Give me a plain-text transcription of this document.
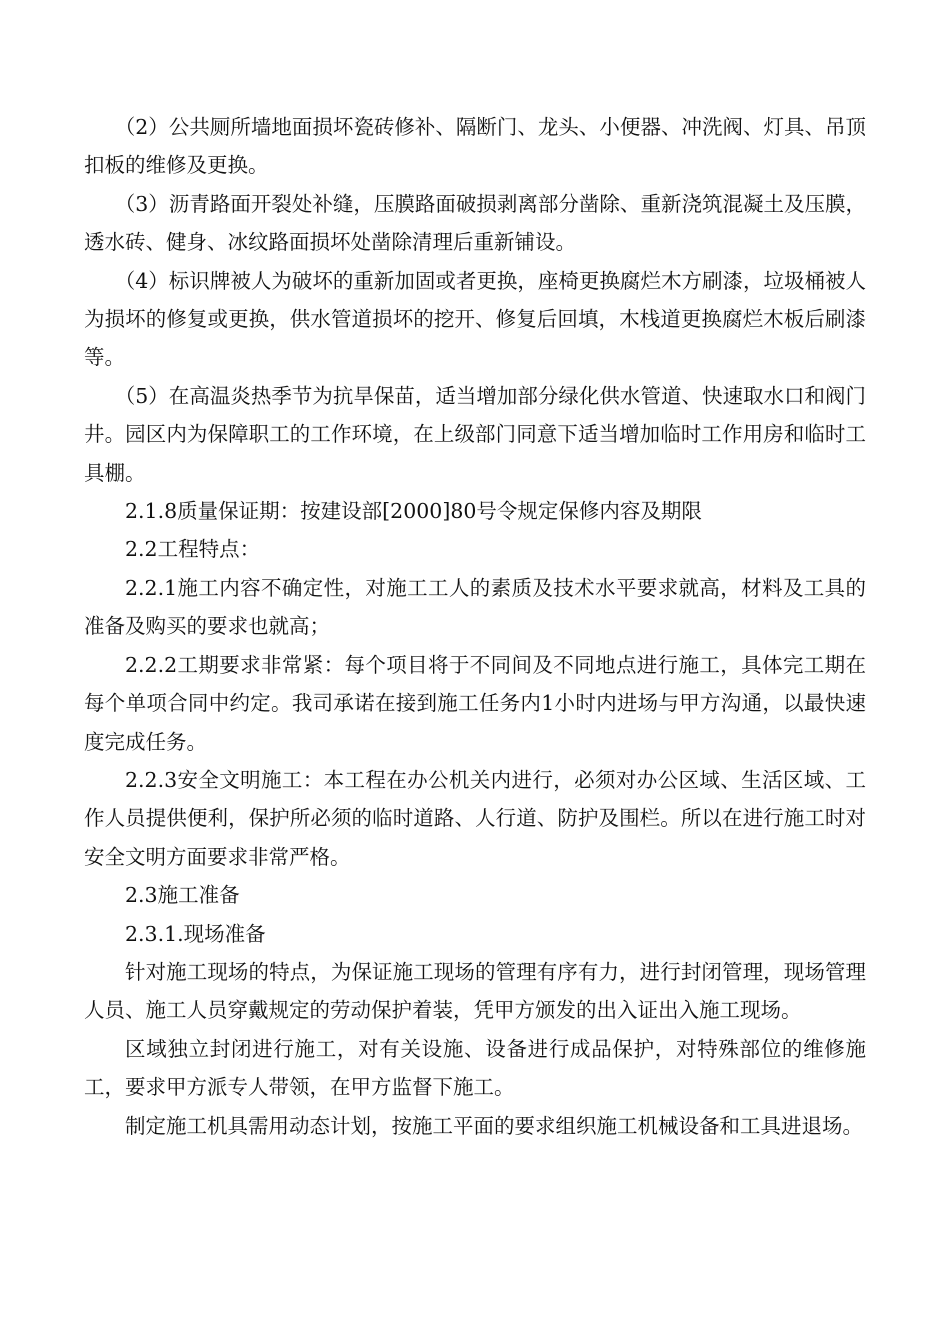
（2）公共厕所墙地面损坏瓷砖修补、隔断门、龙头、小便器、冲洗阀、灯具、吊顶扣板的维修及更换。

（3）沥青路面开裂处补缝，压膜路面破损剥离部分凿除、重新浇筑混凝土及压膜，透水砖、健身、冰纹路面损坏处凿除清理后重新铺设。

（4）标识牌被人为破坏的重新加固或者更换，座椅更换腐烂木方刷漆，垃圾桶被人为损坏的修复或更换，供水管道损坏的挖开、修复后回填，木栈道更换腐烂木板后刷漆等。

（5）在高温炎热季节为抗旱保苗，适当增加部分绿化供水管道、快速取水口和阀门井。园区内为保障职工的工作环境，在上级部门同意下适当增加临时工作用房和临时工具棚。

2.1.8质量保证期：按建设部[2000]80号令规定保修内容及期限

2.2工程特点：

2.2.1施工内容不确定性，对施工工人的素质及技术水平要求就高，材料及工具的准备及购买的要求也就高；

2.2.2工期要求非常紧：每个项目将于不同间及不同地点进行施工，具体完工期在每个单项合同中约定。我司承诺在接到施工任务内1小时内进场与甲方沟通，以最快速度完成任务。

2.2.3安全文明施工：本工程在办公机关内进行，必须对办公区域、生活区域、工作人员提供便利，保护所必须的临时道路、人行道、防护及围栏。所以在进行施工时对安全文明方面要求非常严格。

2.3施工准备

2.3.1.现场准备

针对施工现场的特点，为保证施工现场的管理有序有力，进行封闭管理，现场管理人员、施工人员穿戴规定的劳动保护着装，凭甲方颁发的出入证出入施工现场。

区域独立封闭进行施工，对有关设施、设备进行成品保护，对特殊部位的维修施工，要求甲方派专人带领，在甲方监督下施工。

制定施工机具需用动态计划，按施工平面的要求组织施工机械设备和工具进退场。
